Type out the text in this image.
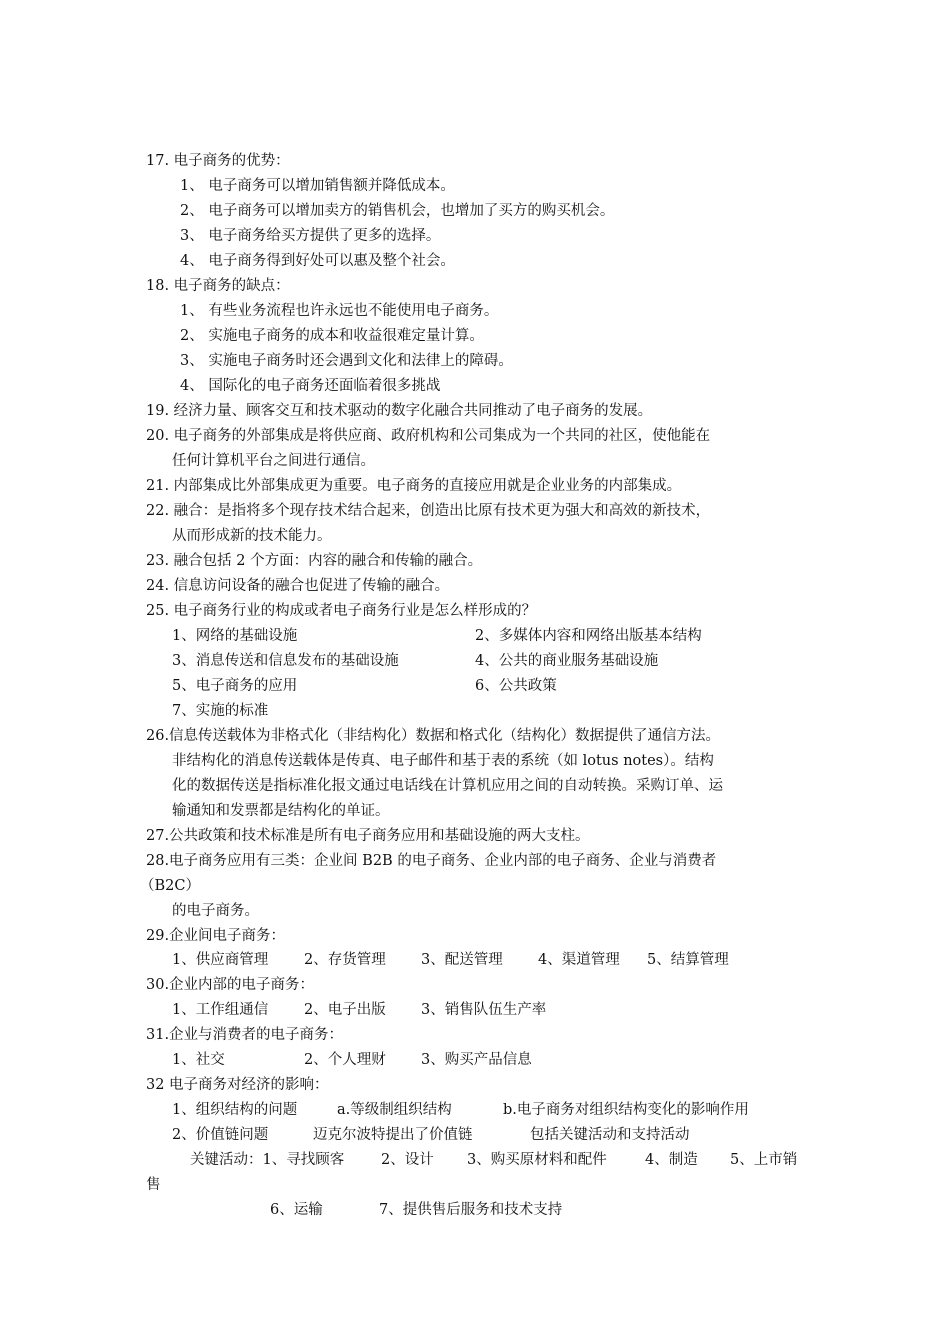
17. 电子商务的优势：
1、 电子商务可以增加销售额并降低成本。
2、 电子商务可以增加卖方的销售机会，也增加了买方的购买机会。
3、 电子商务给买方提供了更多的选择。
4、 电子商务得到好处可以惠及整个社会。
18. 电子商务的缺点：
1、 有些业务流程也许永远也不能使用电子商务。
2、 实施电子商务的成本和收益很难定量计算。
3、 实施电子商务时还会遇到文化和法律上的障碍。
4、 国际化的电子商务还面临着很多挑战
19. 经济力量、顾客交互和技术驱动的数字化融合共同推动了电子商务的发展。
20. 电子商务的外部集成是将供应商、政府机构和公司集成为一个共同的社区，使他能在
任何计算机平台之间进行通信。
21. 内部集成比外部集成更为重要。电子商务的直接应用就是企业业务的内部集成。
22. 融合：是指将多个现存技术结合起来，创造出比原有技术更为强大和高效的新技术，
从而形成新的技术能力。
23. 融合包括 2 个方面：内容的融合和传输的融合。
24. 信息访问设备的融合也促进了传输的融合。
25. 电子商务行业的构成或者电子商务行业是怎么样形成的？
1、网络的基础设施	2、多媒体内容和网络出版基本结构
3、消息传送和信息发布的基础设施	4、公共的商业服务基础设施
5、电子商务的应用	6、公共政策
7、实施的标准
26.信息传送载体为非格式化（非结构化）数据和格式化（结构化）数据提供了通信方法。
非结构化的消息传送载体是传真、电子邮件和基于表的系统（如 lotus notes）。结构
化的数据传送是指标准化报文通过电话线在计算机应用之间的自动转换。采购订单、运
输通知和发票都是结构化的单证。
27.公共政策和技术标准是所有电子商务应用和基础设施的两大支柱。
28.电子商务应用有三类：企业间 B2B 的电子商务、企业内部的电子商务、企业与消费者
（B2C）
的电子商务。
29.企业间电子商务：
1、供应商管理 2、存货管理 3、配送管理 4、渠道管理 5、结算管理
30.企业内部的电子商务：
1、工作组通信 2、电子出版 3、销售队伍生产率
31.企业与消费者的电子商务：
1、社交	2、个人理财 3、购买产品信息
32 电子商务对经济的影响：
1、组织结构的问题	a.等级制组织结构	b.电子商务对组织结构变化的影响作用
2、价值链问题	迈克尔波特提出了价值链	包括关键活动和支持活动
关键活动：1、寻找顾客	2、设计 3、购买原材料和配件	4、制造 5、上市销
售
6、运输	7、提供售后服务和技术支持
